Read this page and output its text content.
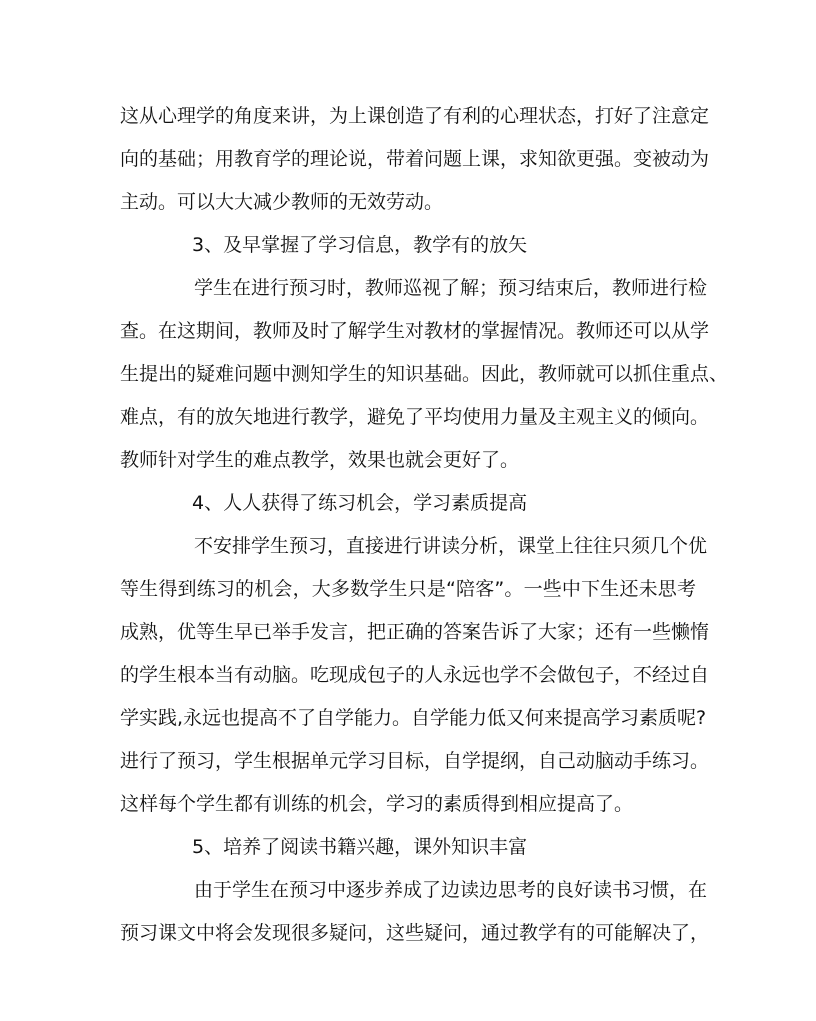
这从心理学的角度来讲，为上课创造了有利的心理状态，打好了注意定
向的基础；用教育学的理论说，带着问题上课，求知欲更强。变被动为
主动。可以大大减少教师的无效劳动。
3、及早掌握了学习信息，教学有的放矢
学生在进行预习时，教师巡视了解；预习结束后，教师进行检
查。在这期间，教师及时了解学生对教材的掌握情况。教师还可以从学
生提出的疑难问题中测知学生的知识基础。因此，教师就可以抓住重点、
难点，有的放矢地进行教学，避免了平均使用力量及主观主义的倾向。
教师针对学生的难点教学，效果也就会更好了。
4、人人获得了练习机会，学习素质提高
不安排学生预习，直接进行讲读分析，课堂上往往只须几个优
等生得到练习的机会，大多数学生只是“陪客”。一些中下生还未思考
成熟，优等生早已举手发言，把正确的答案告诉了大家；还有一些懒惰
的学生根本当有动脑。吃现成包子的人永远也学不会做包子，不经过自
学实践,永远也提高不了自学能力。自学能力低又何来提高学习素质呢?
进行了预习，学生根据单元学习目标，自学提纲，自己动脑动手练习。
这样每个学生都有训练的机会，学习的素质得到相应提高了。
5、培养了阅读书籍兴趣，课外知识丰富
由于学生在预习中逐步养成了边读边思考的良好读书习惯，在
预习课文中将会发现很多疑问，这些疑问，通过教学有的可能解决了，
